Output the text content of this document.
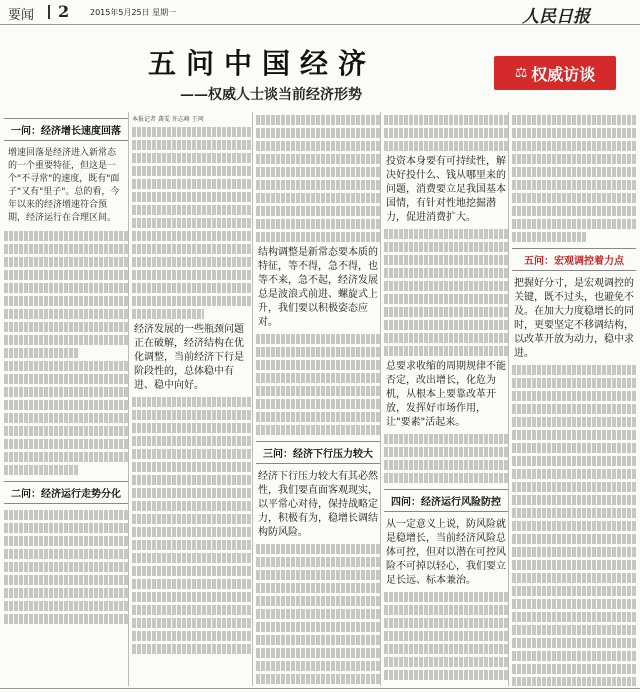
要闻 2	2015年5月25日 星期一	人民日报
五问中国经济
——权威人士谈当前经济形势
⚖ 权威访谈
一问：经济增长速度回落
增速回落是经济进入新常态的一个重要特征，但这是一个"不寻常"的速度，既有"面子"又有"里子"。总的看，今年以来的经济增速符合预期，经济运行在合理区间。
二问：经济运行走势分化
本报记者 龚雯 许志峰 王珂
经济发展的一些瓶颈问题正在破解，经济结构在优化调整，当前经济下行是阶段性的，总体稳中有进、稳中向好。
结构调整是新常态要本质的特征，等不得，急不得，也等不来，急不起，经济发展总是波浪式前进、螺旋式上升，我们要以积极姿态应对。
三问：经济下行压力较大
经济下行压力较大有其必然性，我们要直面客观现实，以平常心对待，保持战略定力，积极有为，稳增长调结构防风险。
投资本身要有可持续性，解决好投什么、钱从哪里来的问题，消费要立足我国基本国情，有针对性地挖掘潜力，促进消费扩大。
总要求收缩的周期规律不能否定，改出增长，化危为机，从根本上要靠改革开放，发挥好市场作用，让"要素"活起来。
四问：经济运行风险防控
从一定意义上说，防风险就是稳增长，当前经济风险总体可控，但对以潜在可控风险不可掉以轻心，我们要立足长远、标本兼治。
五问：宏观调控着力点
把握好分寸，是宏观调控的关键，既不过头，也避免不及。在加大力度稳增长的同时，更要坚定不移调结构，以改革开放为动力，稳中求进。
